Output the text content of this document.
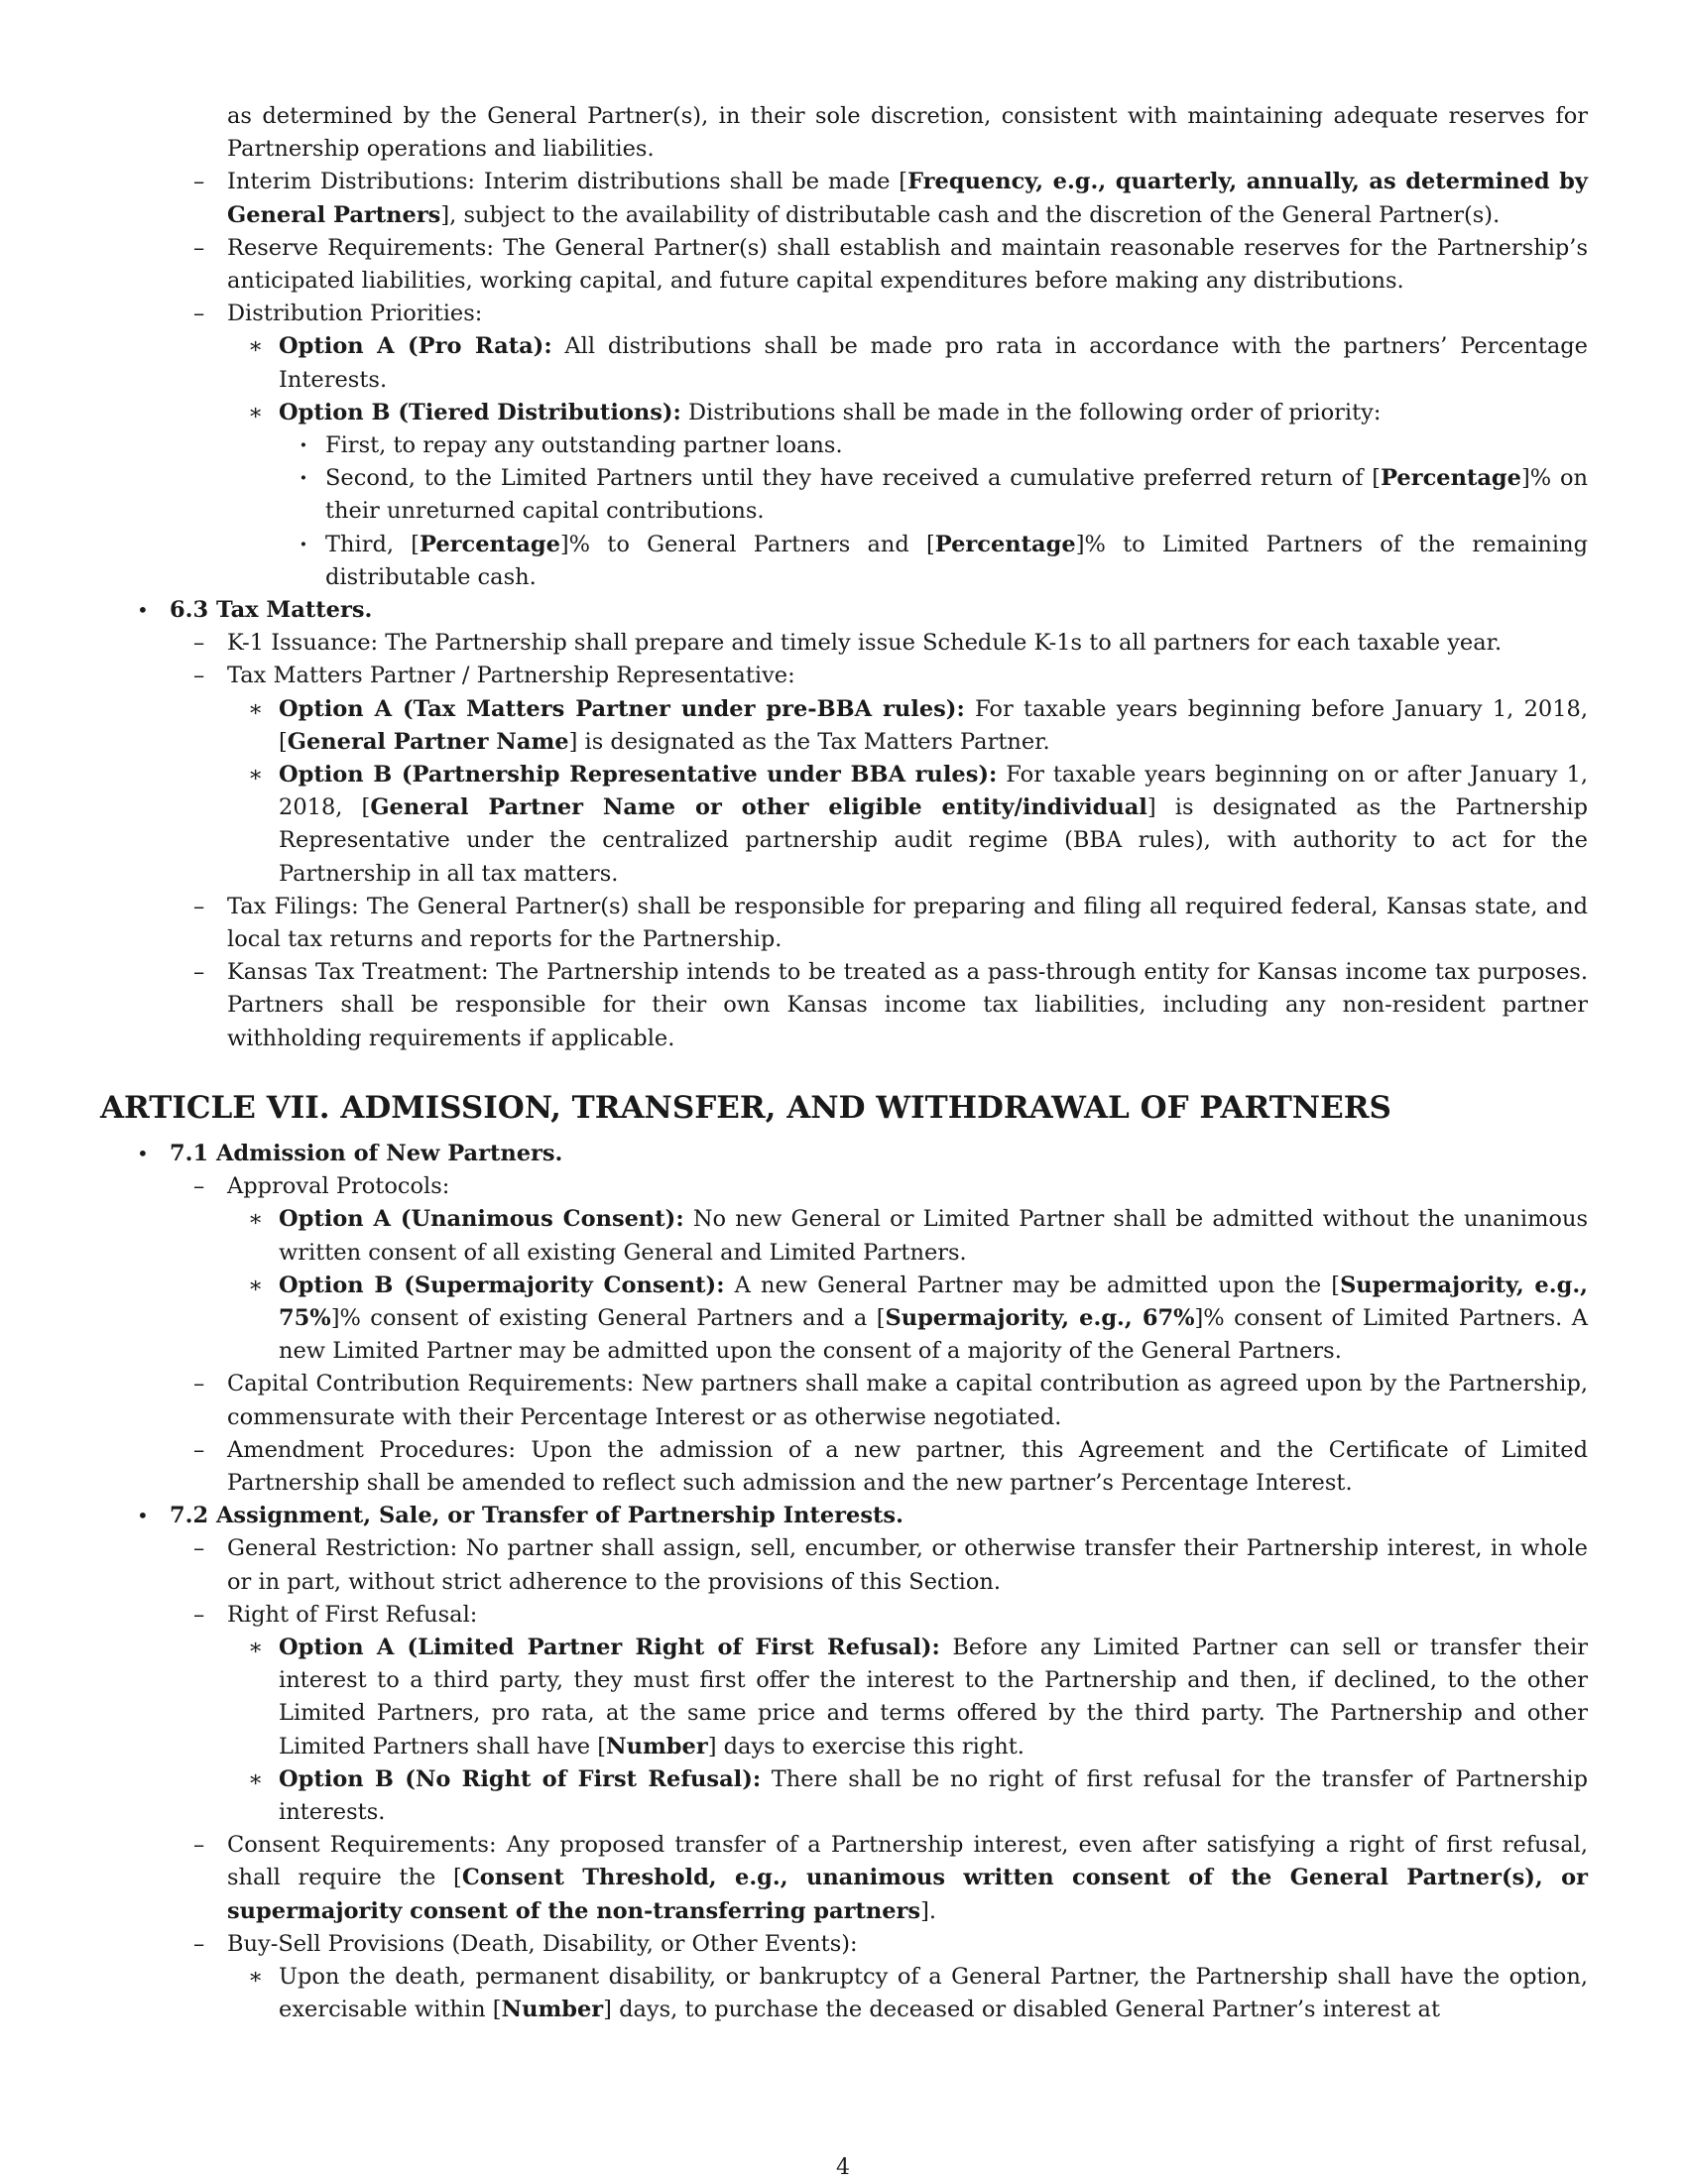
as determined by the General Partner(s), in their sole discretion, consistent with maintaining adequate reserves for Partnership operations and liabilities.

– Interim Distributions: Interim distributions shall be made [Frequency, e.g., quarterly, annually, as determined by General Partners], subject to the availability of distributable cash and the discretion of the General Partner(s).

– Reserve Requirements: The General Partner(s) shall establish and maintain reasonable reserves for the Partnership’s anticipated liabilities, working capital, and future capital expenditures before making any distributions.

– Distribution Priorities:

∗ Option A (Pro Rata): All distributions shall be made pro rata in accordance with the partners’ Percentage Interests.

∗ Option B (Tiered Distributions): Distributions shall be made in the following order of priority:

· First, to repay any outstanding partner loans.

· Second, to the Limited Partners until they have received a cumulative preferred return of [Percentage]% on their unreturned capital contributions.

· Third, [Percentage]% to General Partners and [Percentage]% to Limited Partners of the remaining distributable cash.

• 6.3 Tax Matters.

– K-1 Issuance: The Partnership shall prepare and timely issue Schedule K-1s to all partners for each taxable year.

– Tax Matters Partner / Partnership Representative:

∗ Option A (Tax Matters Partner under pre-BBA rules): For taxable years beginning before January 1, 2018, [General Partner Name] is designated as the Tax Matters Partner.

∗ Option B (Partnership Representative under BBA rules): For taxable years beginning on or after January 1, 2018, [General Partner Name or other eligible entity/individual] is designated as the Partnership Representative under the centralized partnership audit regime (BBA rules), with authority to act for the Partnership in all tax matters.

– Tax Filings: The General Partner(s) shall be responsible for preparing and filing all required federal, Kansas state, and local tax returns and reports for the Partnership.

– Kansas Tax Treatment: The Partnership intends to be treated as a pass-through entity for Kansas income tax purposes. Partners shall be responsible for their own Kansas income tax liabilities, including any non-resident partner withholding requirements if applicable.

ARTICLE VII. ADMISSION, TRANSFER, AND WITHDRAWAL OF PARTNERS
• 7.1 Admission of New Partners.

– Approval Protocols:

∗ Option A (Unanimous Consent): No new General or Limited Partner shall be admitted without the unanimous written consent of all existing General and Limited Partners.

∗ Option B (Supermajority Consent): A new General Partner may be admitted upon the [Supermajority, e.g., 75%]% consent of existing General Partners and a [Supermajority, e.g., 67%]% consent of Limited Partners. A new Limited Partner may be admitted upon the consent of a majority of the General Partners.

– Capital Contribution Requirements: New partners shall make a capital contribution as agreed upon by the Partnership, commensurate with their Percentage Interest or as otherwise negotiated.

– Amendment Procedures: Upon the admission of a new partner, this Agreement and the Certificate of Limited Partnership shall be amended to reflect such admission and the new partner’s Percentage Interest.

• 7.2 Assignment, Sale, or Transfer of Partnership Interests.

– General Restriction: No partner shall assign, sell, encumber, or otherwise transfer their Partnership interest, in whole or in part, without strict adherence to the provisions of this Section.

– Right of First Refusal:

∗ Option A (Limited Partner Right of First Refusal): Before any Limited Partner can sell or transfer their interest to a third party, they must first offer the interest to the Partnership and then, if declined, to the other Limited Partners, pro rata, at the same price and terms offered by the third party. The Partnership and other Limited Partners shall have [Number] days to exercise this right.

∗ Option B (No Right of First Refusal): There shall be no right of first refusal for the transfer of Partnership interests.

– Consent Requirements: Any proposed transfer of a Partnership interest, even after satisfying a right of first refusal, shall require the [Consent Threshold, e.g., unanimous written consent of the General Partner(s), or supermajority consent of the non-transferring partners].

– Buy-Sell Provisions (Death, Disability, or Other Events):

∗ Upon the death, permanent disability, or bankruptcy of a General Partner, the Partnership shall have the option, exercisable within [Number] days, to purchase the deceased or disabled General Partner’s interest at

4
